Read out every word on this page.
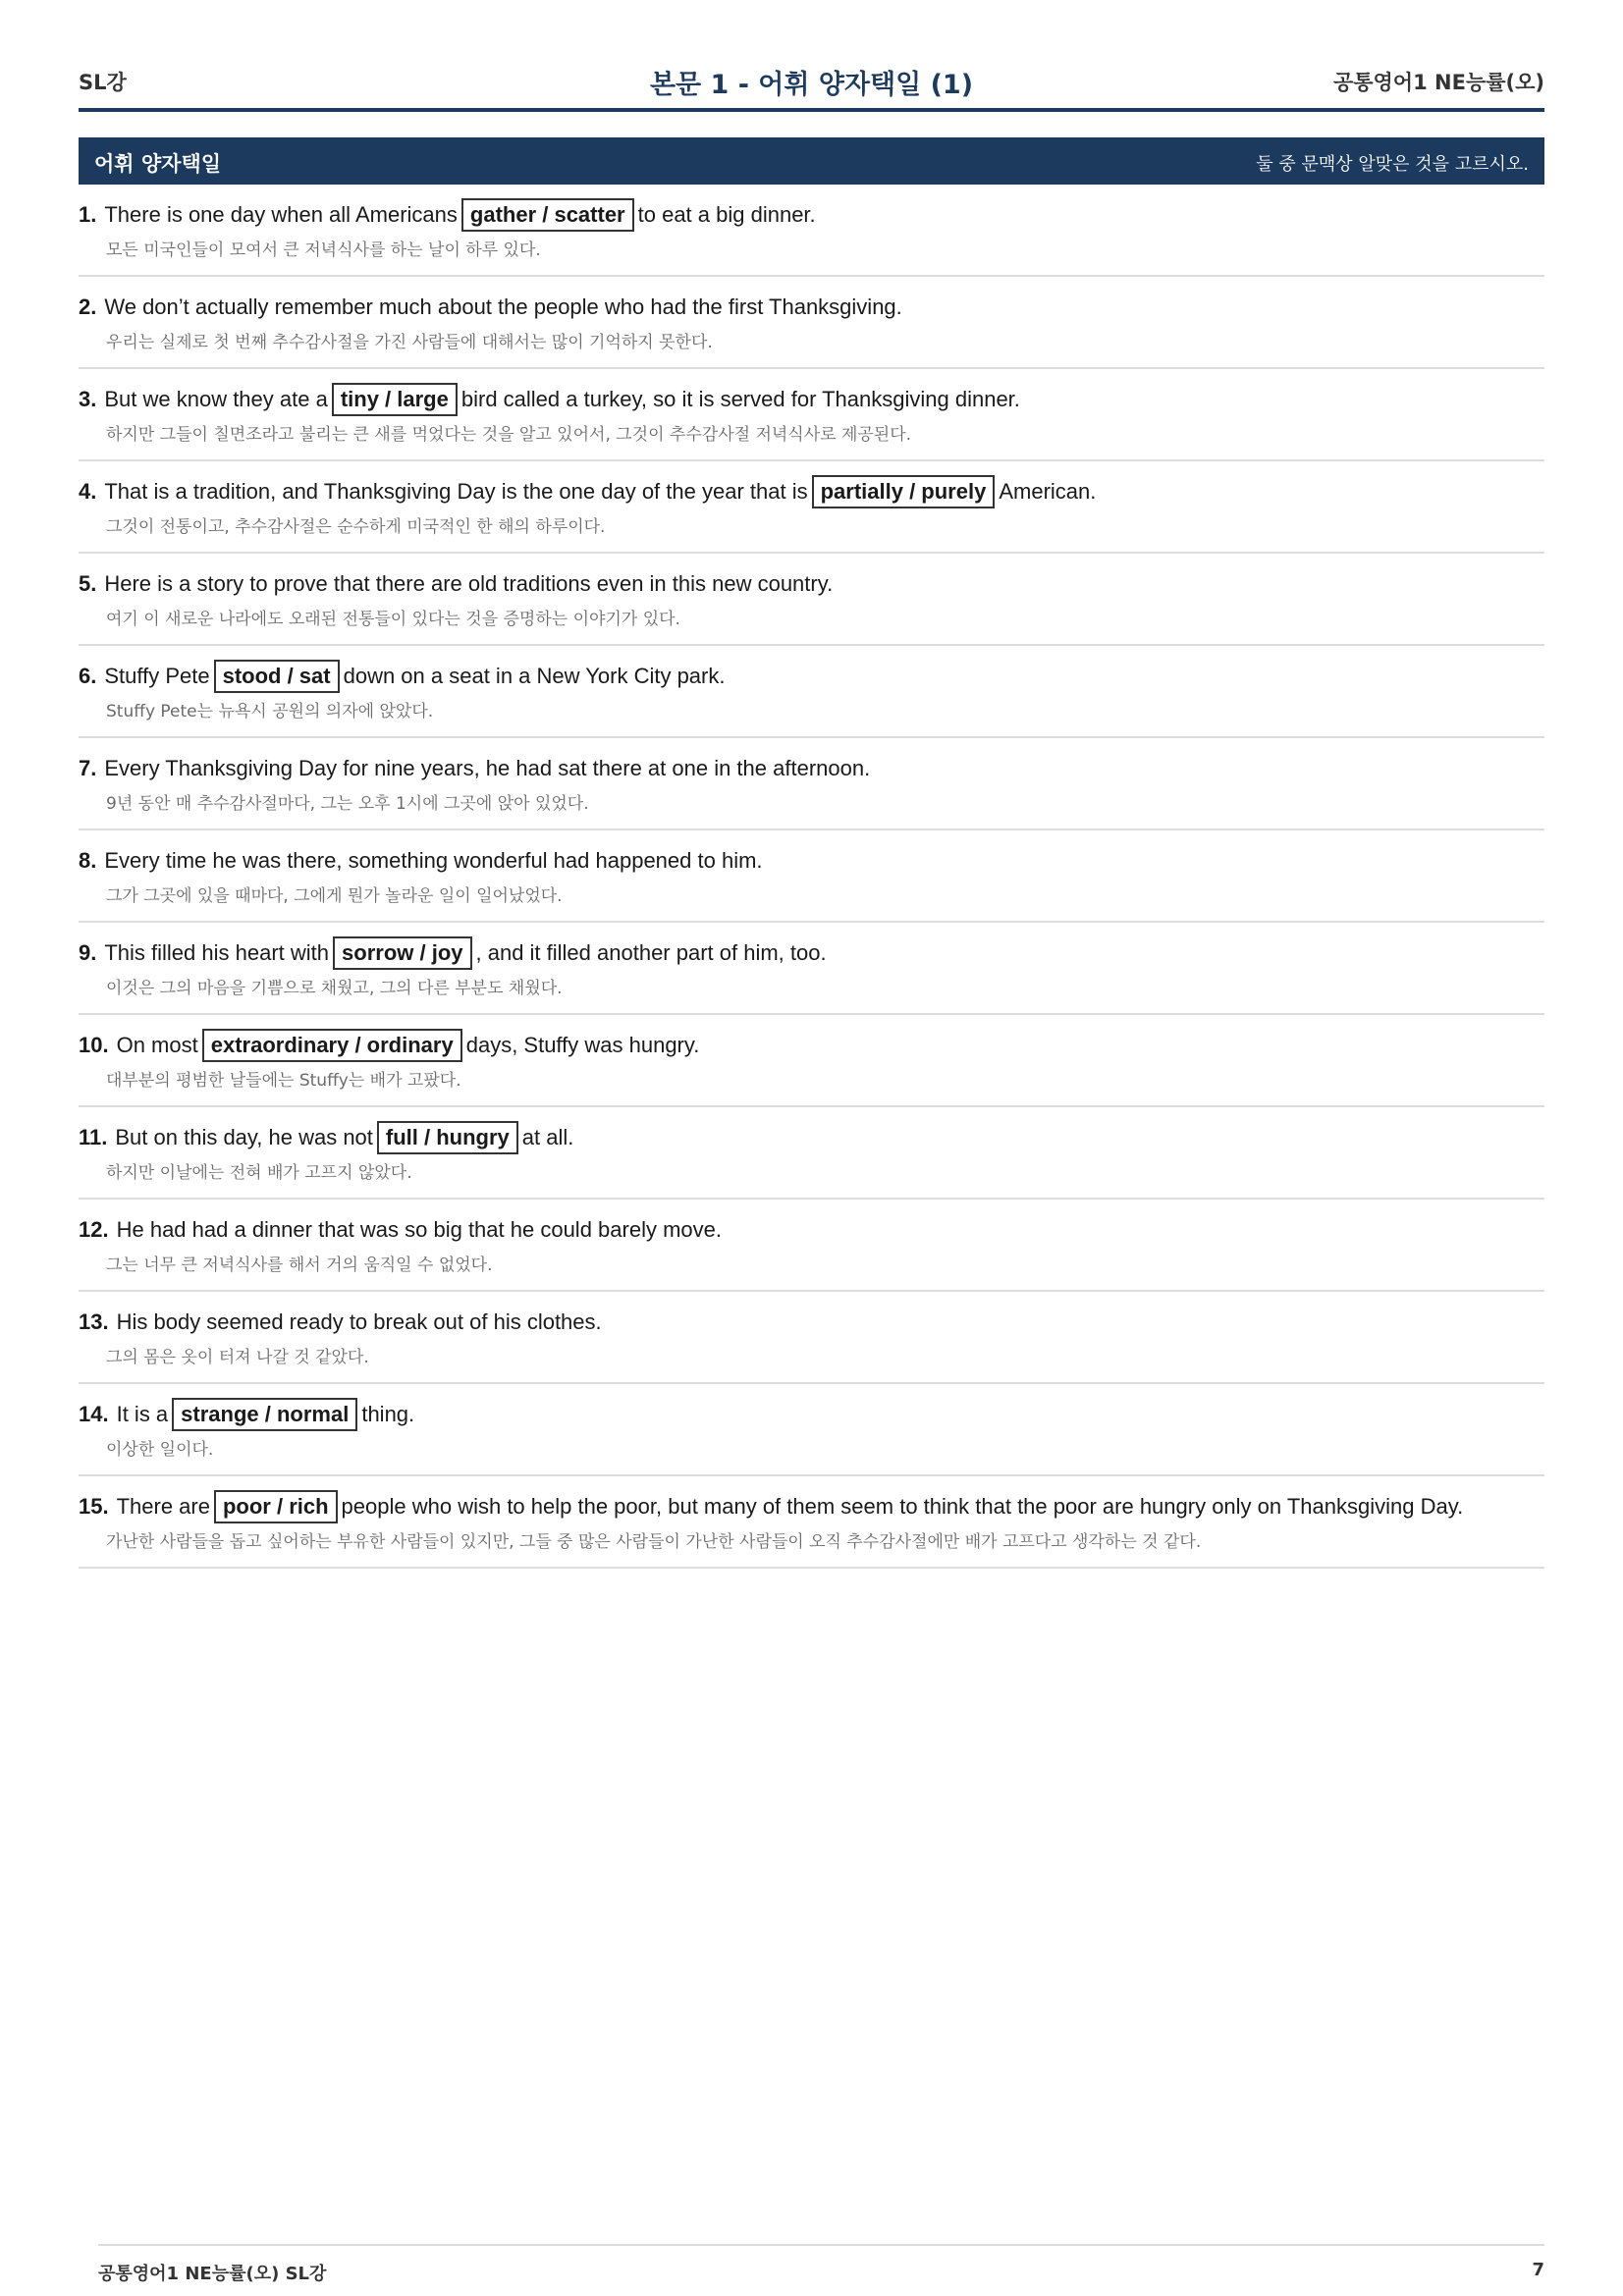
SL강	본문 1 - 어휘 양자택일 (1)	공통영어1 NE능률(오)
어휘 양자택일	둘 중 문맥상 알맞은 것을 고르시오.
1. There is one day when all Americans gather / scatter to eat a big dinner.
모든 미국인들이 모여서 큰 저녁식사를 하는 날이 하루 있다.
2. We don’t actually remember much about the people who had the first Thanksgiving.
우리는 실제로 첫 번째 추수감사절을 가진 사람들에 대해서는 많이 기억하지 못한다.
3. But we know they ate a tiny / large bird called a turkey, so it is served for Thanksgiving dinner.
하지만 그들이 칠면조라고 불리는 큰 새를 먹었다는 것을 알고 있어서, 그것이 추수감사절 저녁식사로 제공된다.
4. That is a tradition, and Thanksgiving Day is the one day of the year that is partially / purely American.
그것이 전통이고, 추수감사절은 순수하게 미국적인 한 해의 하루이다.
5. Here is a story to prove that there are old traditions even in this new country.
여기 이 새로운 나라에도 오래된 전통들이 있다는 것을 증명하는 이야기가 있다.
6. Stuffy Pete stood / sat down on a seat in a New York City park.
Stuffy Pete는 뉴욕시 공원의 의자에 앉았다.
7. Every Thanksgiving Day for nine years, he had sat there at one in the afternoon.
9년 동안 매 추수감사절마다, 그는 오후 1시에 그곳에 앉아 있었다.
8. Every time he was there, something wonderful had happened to him.
그가 그곳에 있을 때마다, 그에게 뭔가 놀라운 일이 일어났었다.
9. This filled his heart with sorrow / joy , and it filled another part of him, too.
이것은 그의 마음을 기쁨으로 채웠고, 그의 다른 부분도 채웠다.
10. On most extraordinary / ordinary days, Stuffy was hungry.
대부분의 평범한 날들에는 Stuffy는 배가 고팠다.
11. But on this day, he was not full / hungry at all.
하지만 이날에는 전혀 배가 고프지 않았다.
12. He had had a dinner that was so big that he could barely move.
그는 너무 큰 저녁식사를 해서 거의 움직일 수 없었다.
13. His body seemed ready to break out of his clothes.
그의 몸은 옷이 터져 나갈 것 같았다.
14. It is a strange / normal thing.
이상한 일이다.
15. There are poor / rich people who wish to help the poor, but many of them seem to think that the poor are hungry only on Thanksgiving Day.
가난한 사람들을 돕고 싶어하는 부유한 사람들이 있지만, 그들 중 많은 사람들이 가난한 사람들이 오직 추수감사절에만 배가 고프다고 생각하는 것 같다.
공통영어1 NE능률(오) SL강	7
